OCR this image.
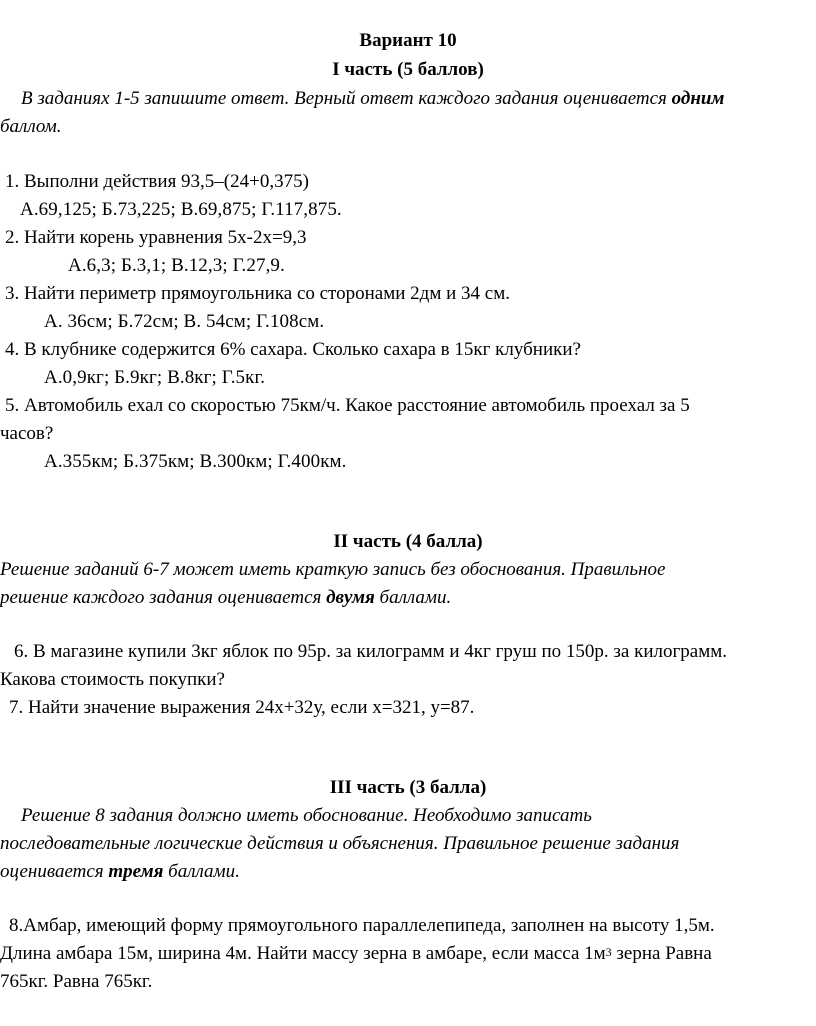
Вариант 10
I часть (5 баллов)
В заданиях 1-5 запишите ответ. Верный ответ каждого задания оценивается одним
баллом.
1. Выполни действия 93,5–(24+0,375)
А.69,125; Б.73,225; В.69,875; Г.117,875.
2. Найти корень уравнения 5х-2х=9,3
А.6,3; Б.3,1; В.12,3; Г.27,9.
3. Найти периметр прямоугольника со сторонами 2дм и 34 см.
А. 36см; Б.72см; В. 54см; Г.108см.
4. В клубнике содержится 6% сахара. Сколько сахара в 15кг клубники?
А.0,9кг; Б.9кг; В.8кг; Г.5кг.
5. Автомобиль ехал со скоростью 75км/ч. Какое расстояние автомобиль проехал за 5
часов?
А.355км; Б.375км; В.300км; Г.400км.
II часть (4 балла)
Решение заданий 6-7 может иметь краткую запись без обоснования. Правильное
решение каждого задания оценивается двумя баллами.
6. В магазине купили 3кг яблок по 95р. за килограмм и 4кг груш по 150р. за килограмм.
Какова стоимость покупки?
7. Найти значение выражения 24х+32у, если х=321, у=87.
III часть (3 балла)
Решение 8 задания должно иметь обоснование. Необходимо записать
последовательные логические действия и объяснения. Правильное решение задания
оценивается тремя баллами.
8.Амбар, имеющий форму прямоугольного параллелепипеда, заполнен на высоту 1,5м.
Длина амбара 15м, ширина 4м. Найти массу зерна в амбаре, если масса $1м^3$ зерна Равна
765кг. Равна 765кг.
